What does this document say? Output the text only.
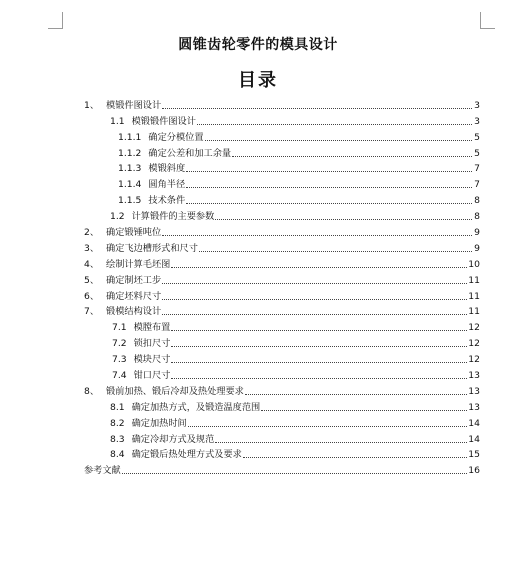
圆锥齿轮零件的模具设计
目录
1、 模锻件图设计	3
1.1 模锻锻件图设计	3
1.1.1 确定分模位置	5
1.1.2 确定公差和加工余量	5
1.1.3 模锻斜度	7
1.1.4 圆角半径	7
1.1.5 技术条件	8
1.2 计算锻件的主要参数	8
2、 确定锻锤吨位	9
3、 确定飞边槽形式和尺寸	9
4、 绘制计算毛坯图	10
5、 确定制坯工步	11
6、 确定坯料尺寸	11
7、 锻模结构设计	11
7.1 模膛布置	12
7.2 锁扣尺寸	12
7.3 模块尺寸	12
7.4 钳口尺寸	13
8、 锻前加热、锻后冷却及热处理要求	13
8.1 确定加热方式，及锻造温度范围	13
8.2 确定加热时间	14
8.3 确定冷却方式及规范	14
8.4 确定锻后热处理方式及要求	15
参考文献	16
